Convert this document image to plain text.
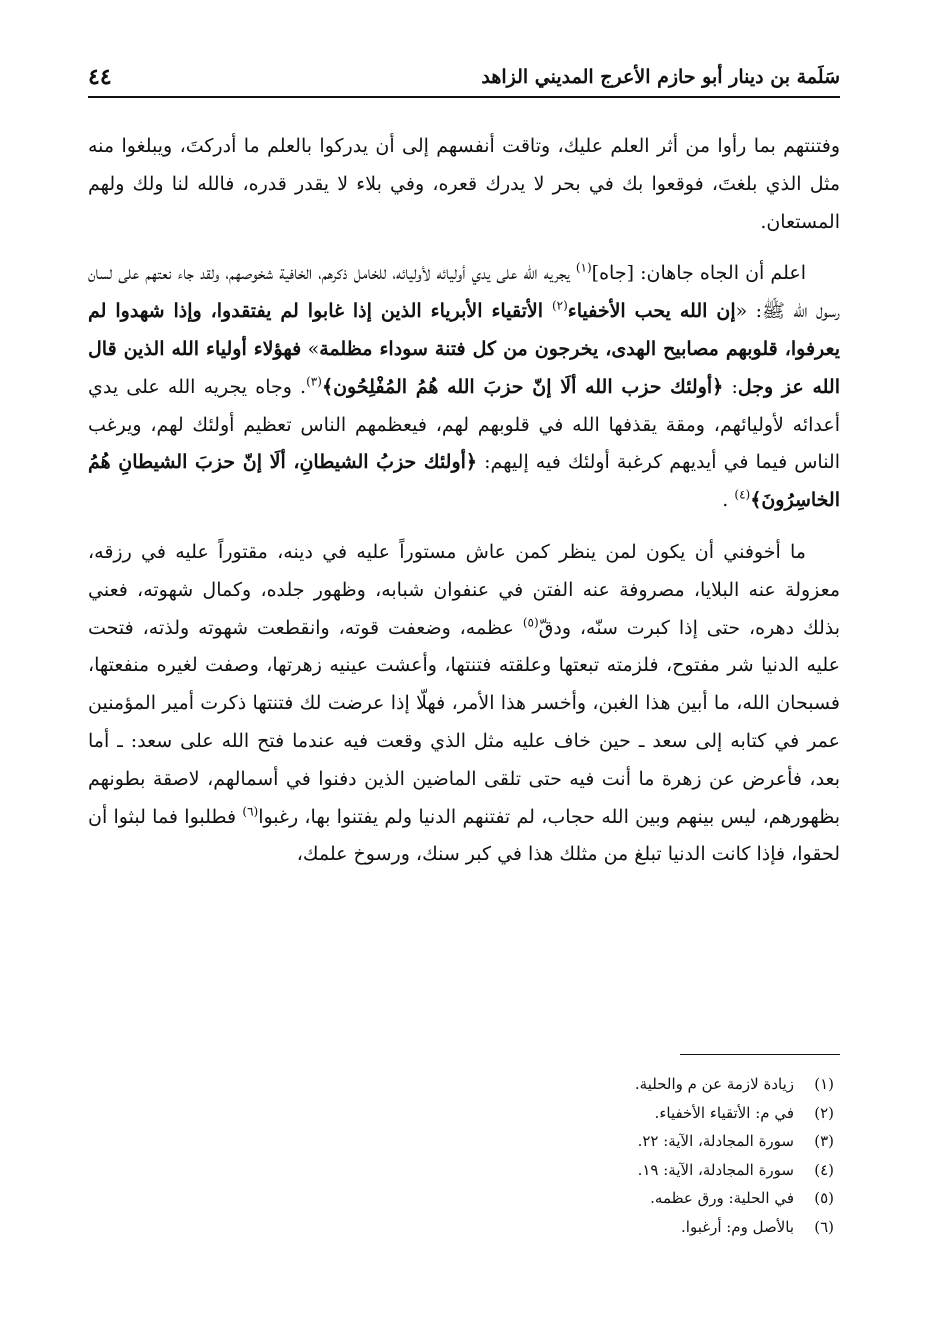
سَلَمة بن دينار أبو حازم الأعرج المديني الزاهد
٤٤

وفتنتهم بما رأوا من أثر العلم عليك، وتاقت أنفسهم إلى أن يدركوا بالعلم ما أدركتَ، ويبلغوا منه مثل الذي بلغتَ، فوقعوا بك في بحر لا يدرك قعره، وفي بلاء لا يقدر قدره، فالله لنا ولك ولهم المستعان.

اعلم أن الجاه جاهان: [جاه]$^{(١)}$ يجريه الله على يدي أوليائه لأوليائه، للخامل ذكرهم، الخافية شخوصهم، ولقد جاء نعتهم على لسان رسول الله ﷺ: «إن الله يحب الأخفياء$^{(٢)}$ الأتقياء الأبرياء الذين إذا غابوا لم يفتقدوا، وإذا شهدوا لم يعرفوا، قلوبهم مصابيح الهدى، يخرجون من كل فتنة سوداء مظلمة» فهؤلاء أولياء الله الذين قال الله عز وجل: ﴿أولئك حزب الله ألَا إنّ حزبَ الله هُمُ المُفْلِحُون﴾$^{(٣)}$. وجاه يجريه الله على يدي أعدائه لأوليائهم، ومقة يقذفها الله في قلوبهم لهم، فيعظمهم الناس تعظيم أولئك لهم، ويرغب الناس فيما في أيديهم كرغبة أولئك فيه إليهم: ﴿أولئك حزبُ الشيطانِ، ألَا إنّ حزبَ الشيطانِ هُمُ الخاسِرُونَ﴾$^{(٤)}$ .

ما أخوفني أن يكون لمن ينظر كمن عاش مستوراً عليه في دينه، مقتوراً عليه في رزقه، معزولة عنه البلايا، مصروفة عنه الفتن في عنفوان شبابه، وظهور جلده، وكمال شهوته، فعني بذلك دهره، حتى إذا كبرت سنّه، ودقّ$^{(٥)}$ عظمه، وضعفت قوته، وانقطعت شهوته ولذته، فتحت عليه الدنيا شر مفتوح، فلزمته تبعتها وعلقته فتنتها، وأعشت عينيه زهرتها، وصفت لغيره منفعتها، فسبحان الله، ما أبين هذا الغبن، وأخسر هذا الأمر، فهلّا إذا عرضت لك فتنتها ذكرت أمير المؤمنين عمر في كتابه إلى سعد ـ حين خاف عليه مثل الذي وقعت فيه عندما فتح الله على سعد: ـ أما بعد، فأعرض عن زهرة ما أنت فيه حتى تلقى الماضين الذين دفنوا في أسمالهم، لاصقة بطونهم بظهورهم، ليس بينهم وبين الله حجاب، لم تفتنهم الدنيا ولم يفتنوا بها، رغبوا$^{(٦)}$ فطلبوا فما لبثوا أن لحقوا، فإذا كانت الدنيا تبلغ من مثلك هذا في كبر سنك، ورسوخ علمك،

(١)
زيادة لازمة عن م والحلية.
(٢)
في م: الأتقياء الأخفياء.
(٣)
سورة المجادلة، الآية: ٢٢.
(٤)
سورة المجادلة، الآية: ١٩.
(٥)
في الحلية: ورق عظمه.
(٦)
بالأصل وم: أرغبوا.
